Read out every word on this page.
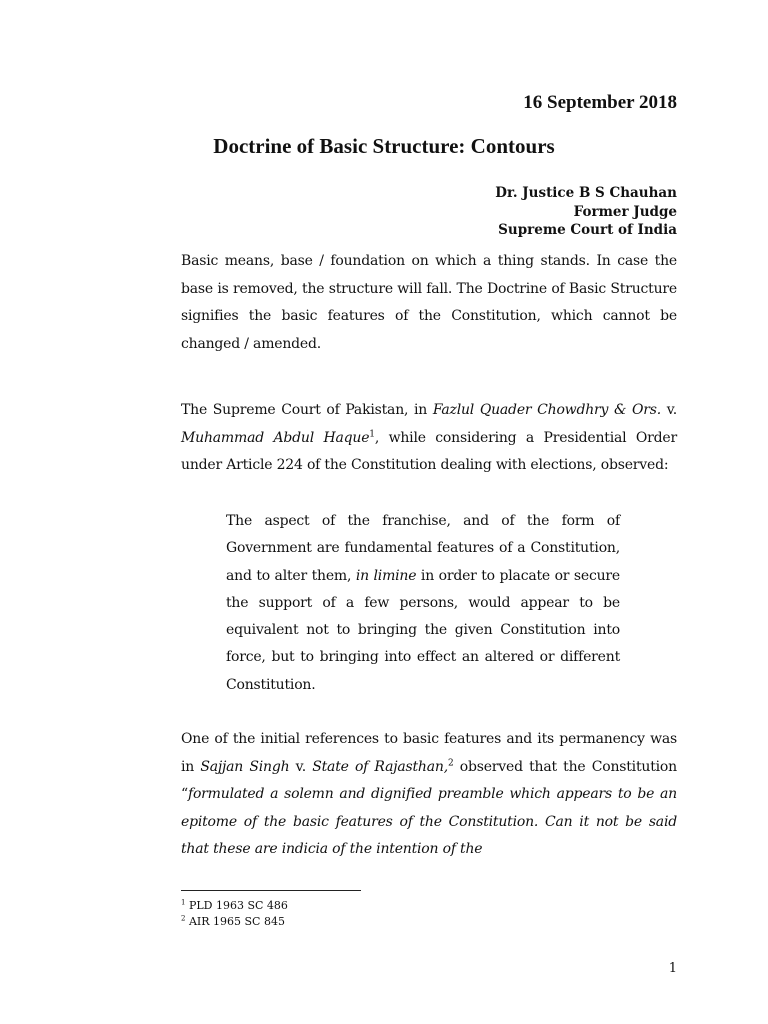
16 September 2018
Doctrine of Basic Structure: Contours
Dr. Justice B S Chauhan
Former Judge
Supreme Court of India

Basic means, base / foundation on which a thing stands. In case the base is removed, the structure will fall. The Doctrine of Basic Structure signifies the basic features of the Constitution, which cannot be changed / amended.

The Supreme Court of Pakistan, in Fazlul Quader Chowdhry & Ors. v. Muhammad Abdul Haque$^1$, while considering a Presidential Order under Article 224 of the Constitution dealing with elections, observed:

The aspect of the franchise, and of the form of Government are fundamental features of a Constitution, and to alter them, in limine in order to placate or secure the support of a few persons, would appear to be equivalent not to bringing the given Constitution into force, but to bringing into effect an altered or different Constitution.

One of the initial references to basic features and its permanency was in Sajjan Singh v. State of Rajasthan,$^2$ observed that the Constitution “formulated a solemn and dignified preamble which appears to be an epitome of the basic features of the Constitution. Can it not be said that these are indicia of the intention of the

$^1$ PLD 1963 SC 486
$^2$ AIR 1965 SC 845
1
